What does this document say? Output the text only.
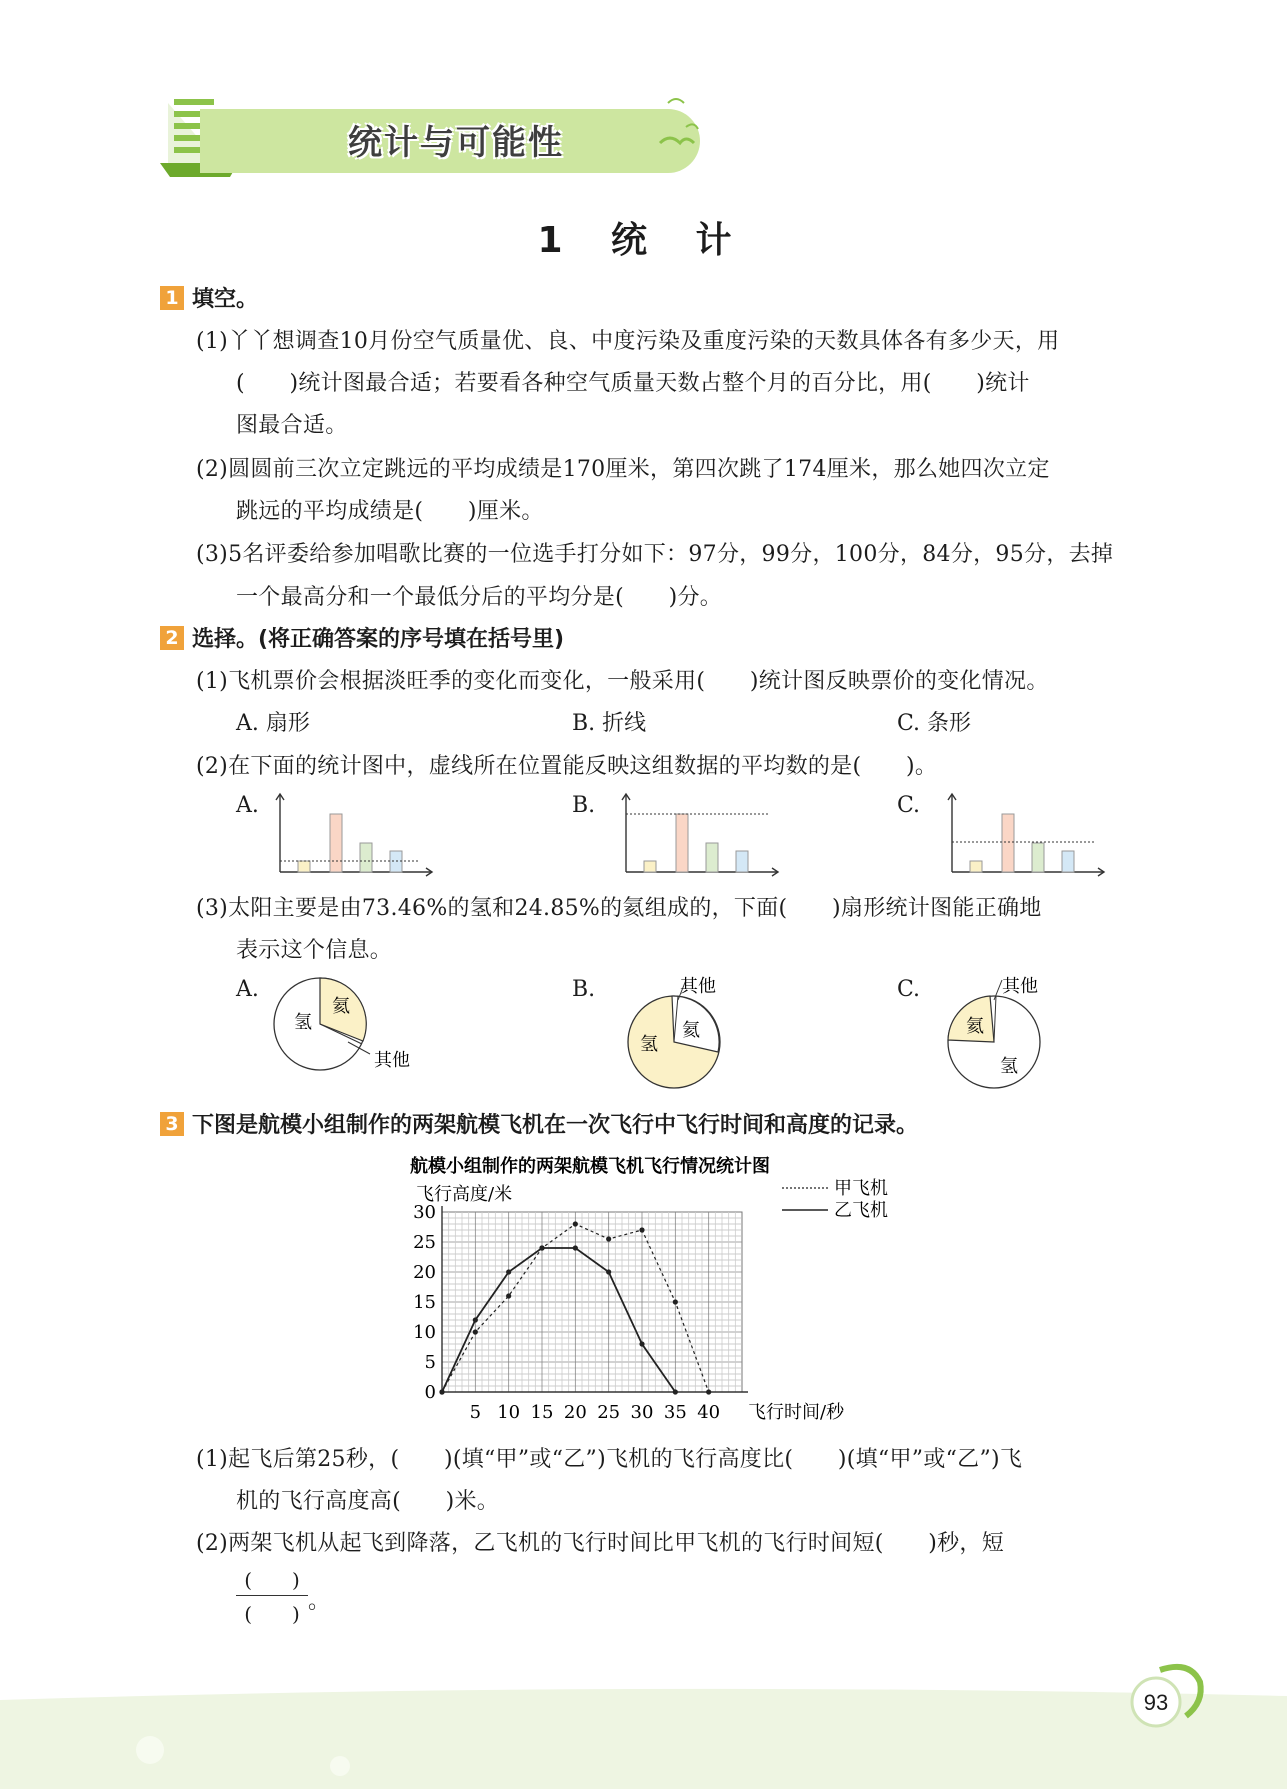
统计与可能性
1 统 计
1 填空。
(1)丫丫想调查10月份空气质量优、良、中度污染及重度污染的天数具体各有多少天，用
(　　)统计图最合适；若要看各种空气质量天数占整个月的百分比，用(　　)统计
图最合适。
(2)圆圆前三次立定跳远的平均成绩是170厘米，第四次跳了174厘米，那么她四次立定
跳远的平均成绩是(　　)厘米。
(3)5名评委给参加唱歌比赛的一位选手打分如下：97分，99分，100分，84分，95分，去掉
一个最高分和一个最低分后的平均分是(　　)分。
2 选择。(将正确答案的序号填在括号里)
(1)飞机票价会根据淡旺季的变化而变化，一般采用(　　)统计图反映票价的变化情况。
A. 扇形	B. 折线	C. 条形
(2)在下面的统计图中，虚线所在位置能反映这组数据的平均数的是(　　)。
A.	B.	C.
(3)太阳主要是由73.46%的氢和24.85%的氦组成的，下面(　　)扇形统计图能正确地
表示这个信息。
A.
氢
氦
其他
B.
氢
氦
其他	C.
氦
氢
其他
3 下图是航模小组制作的两架航模飞机在一次飞行中飞行时间和高度的记录。
航模小组制作的两架航模飞机飞行情况统计图
飞行高度/米
0
5
10
15
20
25
30
5 10 15 20 25 30 35 40 飞行时间/秒
甲飞机
乙飞机
(1)起飞后第25秒，(　　)(填“甲”或“乙”)飞机的飞行高度比(　　)(填“甲”或“乙”)飞
机的飞行高度高(　　)米。
(2)两架飞机从起飞到降落，乙飞机的飞行时间比甲飞机的飞行时间短(　　)秒，短
(　　)
(　　) 。
93
